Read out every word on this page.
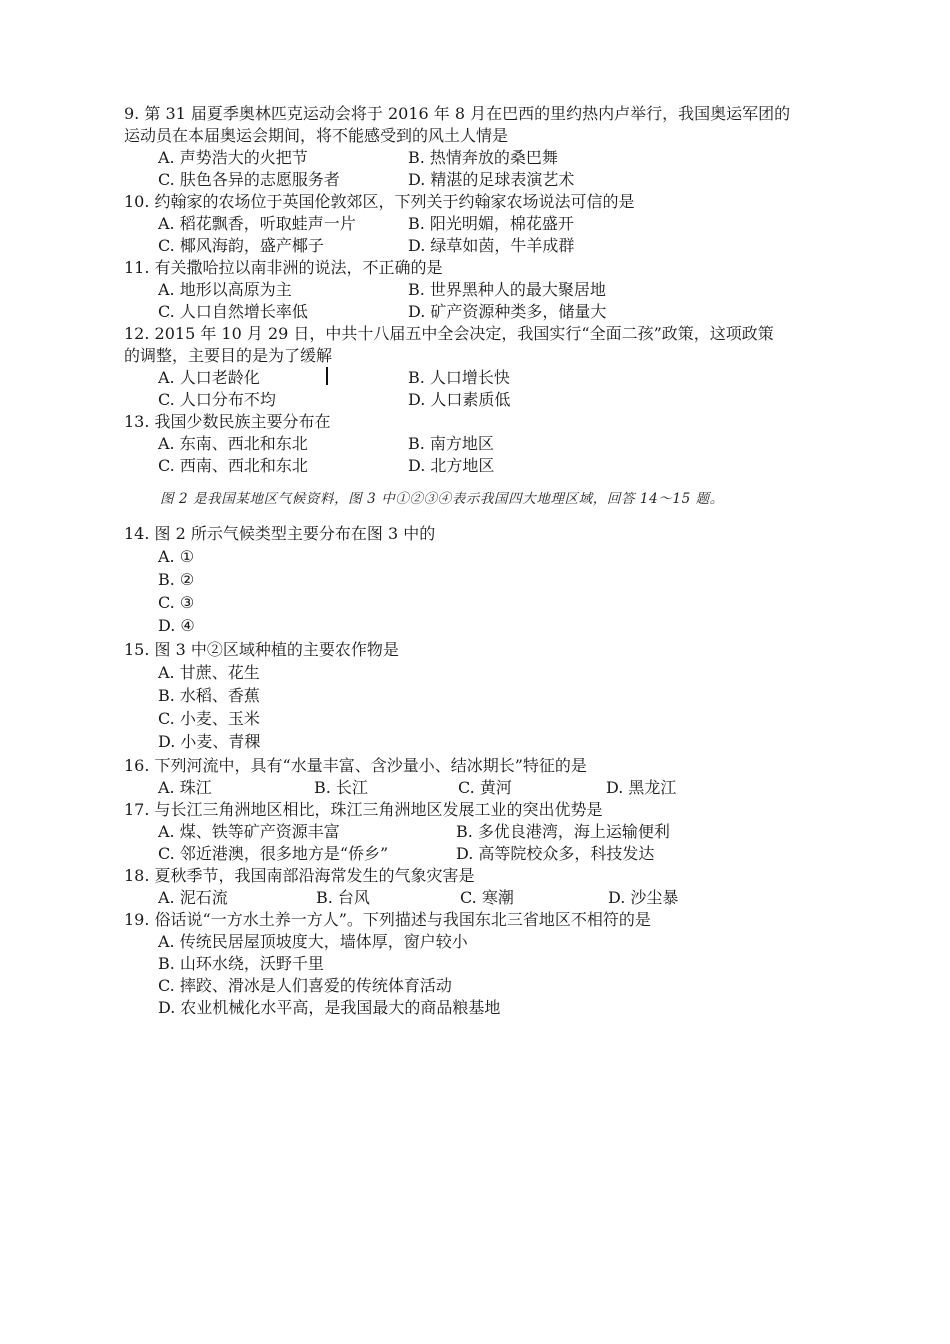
9. 第 31 届夏季奥林匹克运动会将于 2016 年 8 月在巴西的里约热内卢举行，我国奥运军团的
运动员在本届奥运会期间，将不能感受到的风土人情是
A. 声势浩大的火把节	B. 热情奔放的桑巴舞
C. 肤色各异的志愿服务者	D. 精湛的足球表演艺术
10. 约翰家的农场位于英国伦敦郊区，下列关于约翰家农场说法可信的是
A. 稻花飘香，听取蛙声一片	B. 阳光明媚，棉花盛开
C. 椰风海韵，盛产椰子	D. 绿草如茵，牛羊成群
11. 有关撒哈拉以南非洲的说法，不正确的是
A. 地形以高原为主	B. 世界黑种人的最大聚居地
C. 人口自然增长率低	D. 矿产资源种类多，储量大
12. 2015 年 10 月 29 日，中共十八届五中全会决定，我国实行“全面二孩”政策，这项政策
的调整，主要目的是为了缓解
A. 人口老龄化	B. 人口增长快
C. 人口分布不均	D. 人口素质低
13. 我国少数民族主要分布在
A. 东南、西北和东北	B. 南方地区
C. 西南、西北和东北	D. 北方地区
图 2 是我国某地区气候资料，图 3 中①②③④表示我国四大地理区域，回答 14～15 题。
14. 图 2 所示气候类型主要分布在图 3 中的
A. ①
B. ②
C. ③
D. ④
15. 图 3 中②区域种植的主要农作物是
A. 甘蔗、花生
B. 水稻、香蕉
C. 小麦、玉米
D. 小麦、青稞
16. 下列河流中，具有“水量丰富、含沙量小、结冰期长”特征的是
A. 珠江	B. 长江	C. 黄河	D. 黑龙江
17. 与长江三角洲地区相比，珠江三角洲地区发展工业的突出优势是
A. 煤、铁等矿产资源丰富	B. 多优良港湾，海上运输便利
C. 邻近港澳，很多地方是“侨乡”	D. 高等院校众多，科技发达
18. 夏秋季节，我国南部沿海常发生的气象灾害是
A. 泥石流	B. 台风	C. 寒潮	D. 沙尘暴
19. 俗话说“一方水土养一方人”。下列描述与我国东北三省地区不相符的是
A. 传统民居屋顶坡度大，墙体厚，窗户较小
B. 山环水绕，沃野千里
C. 摔跤、滑冰是人们喜爱的传统体育活动
D. 农业机械化水平高，是我国最大的商品粮基地
